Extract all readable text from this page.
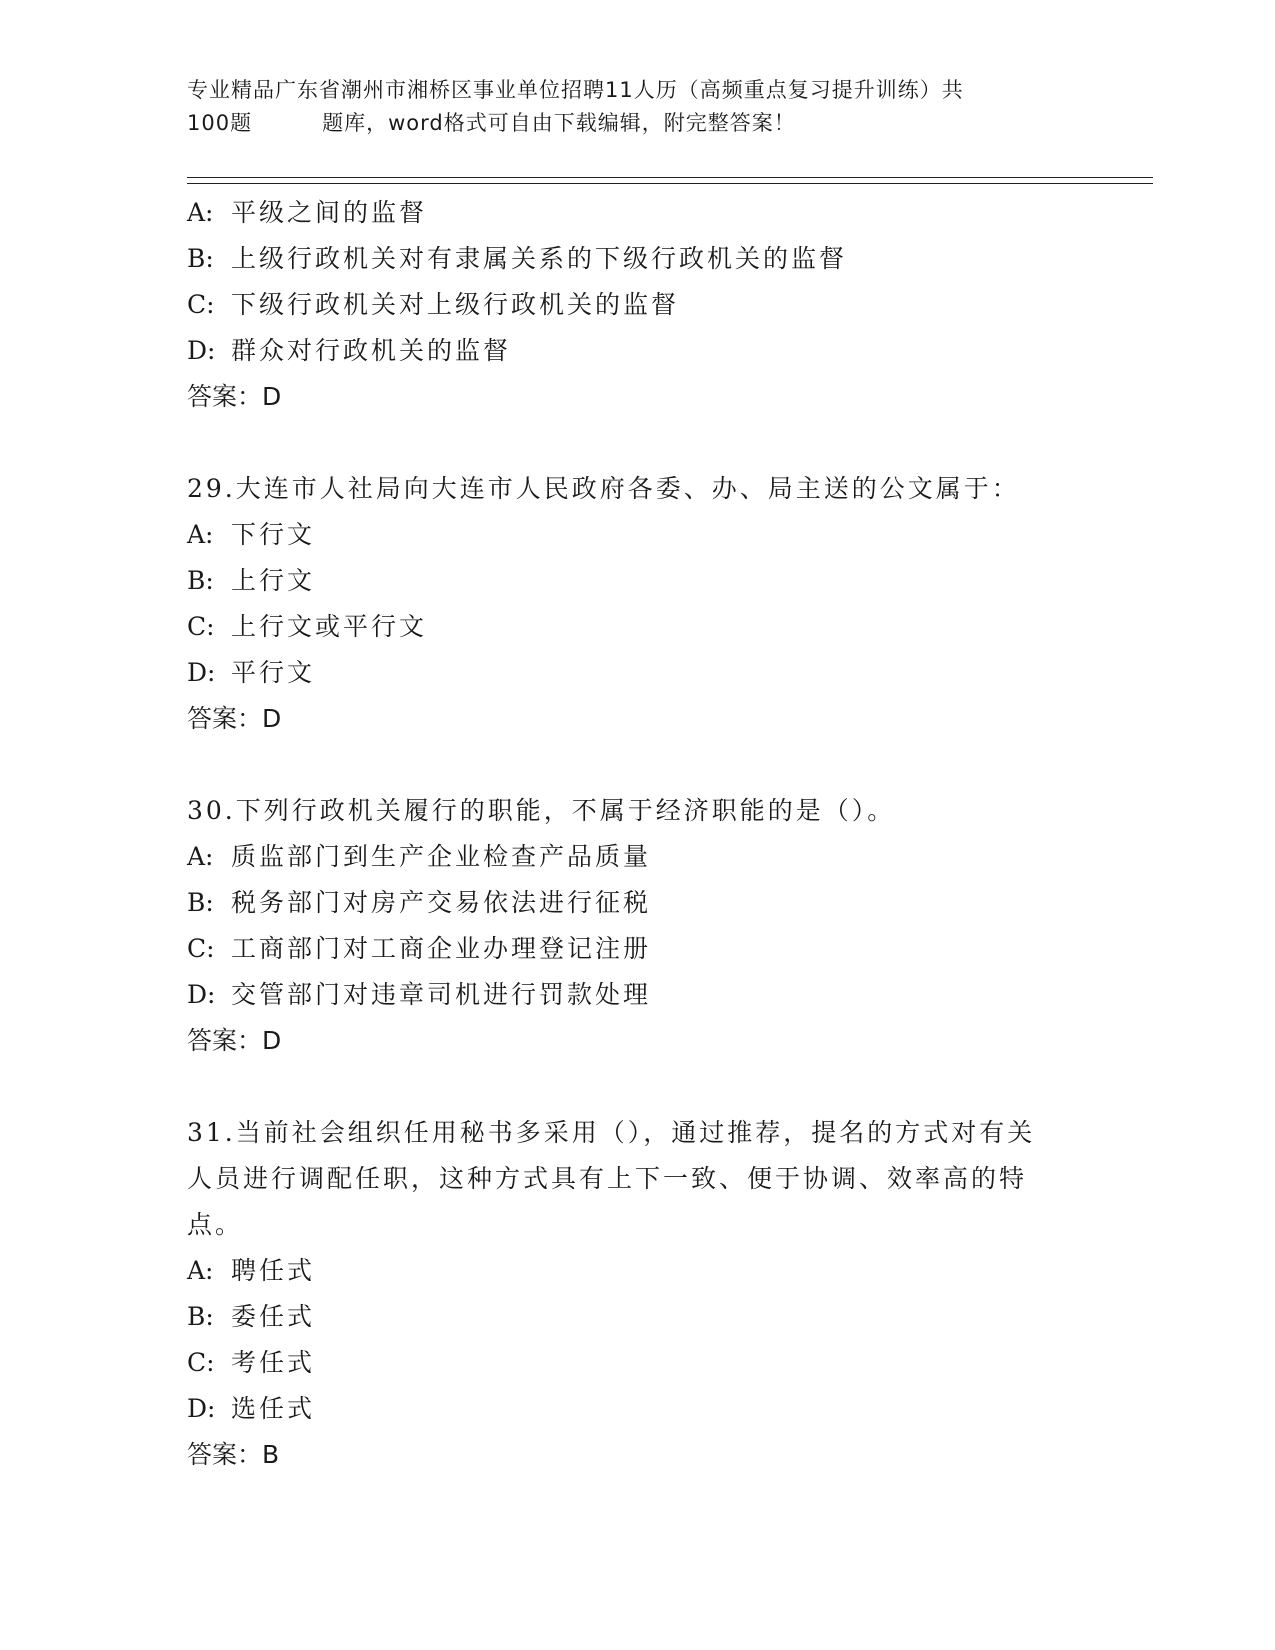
专业精品广东省潮州市湘桥区事业单位招聘11人历（高频重点复习提升训练）共
100题	题库，word格式可自由下载编辑，附完整答案！
A: 平级之间的监督
B: 上级行政机关对有隶属关系的下级行政机关的监督
C: 下级行政机关对上级行政机关的监督
D: 群众对行政机关的监督
答案：D
29.大连市人社局向大连市人民政府各委、办、局主送的公文属于：
A: 下行文
B: 上行文
C: 上行文或平行文
D: 平行文
答案：D
30.下列行政机关履行的职能，不属于经济职能的是（）。
A: 质监部门到生产企业检查产品质量
B: 税务部门对房产交易依法进行征税
C: 工商部门对工商企业办理登记注册
D: 交管部门对违章司机进行罚款处理
答案：D
31.当前社会组织任用秘书多采用（），通过推荐，提名的方式对有关
人员进行调配任职，这种方式具有上下一致、便于协调、效率高的特
点。
A: 聘任式
B: 委任式
C: 考任式
D: 选任式
答案：B
